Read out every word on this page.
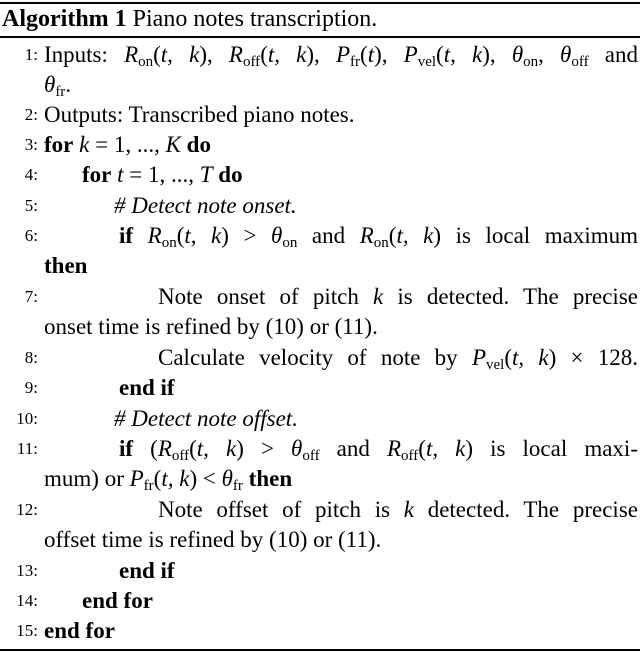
Algorithm 1 Piano notes transcription.
1: Inputs: $R_{on}(t$, k), $R_{off}(t$, k), $P_{fr}(t)$, $P_{vel}(t$, k), $\theta_{on}$, $\theta_{off}$ and
$\theta_{fr}$.
2: Outputs: Transcribed piano notes.
3: for k = 1, ..., K do
4: for t = 1, ..., T do
5:	# Detect note onset.
6:	if $R_{on}(t$, $k) > \theta_{on}$ and $R_{on}(t$, k) is local maximum
then
7:	Note onset of pitch k is detected. The precise
onset time is refined by (10) or (11).
8:	Calculate velocity of note by $P_{vel}(t$, k) × 128.
9:	end if
10:	# Detect note offset.
11:	if ($R_{off}(t$, $k) > \theta_{off}$ and $R_{off}(t$, k) is local maxi-
mum) or $P_{fr}(t$, $k) < \theta_{fr}$ then
12:	Note offset of pitch is k detected. The precise
offset time is refined by (10) or (11).
13:	end if
14: end for
15: end for
